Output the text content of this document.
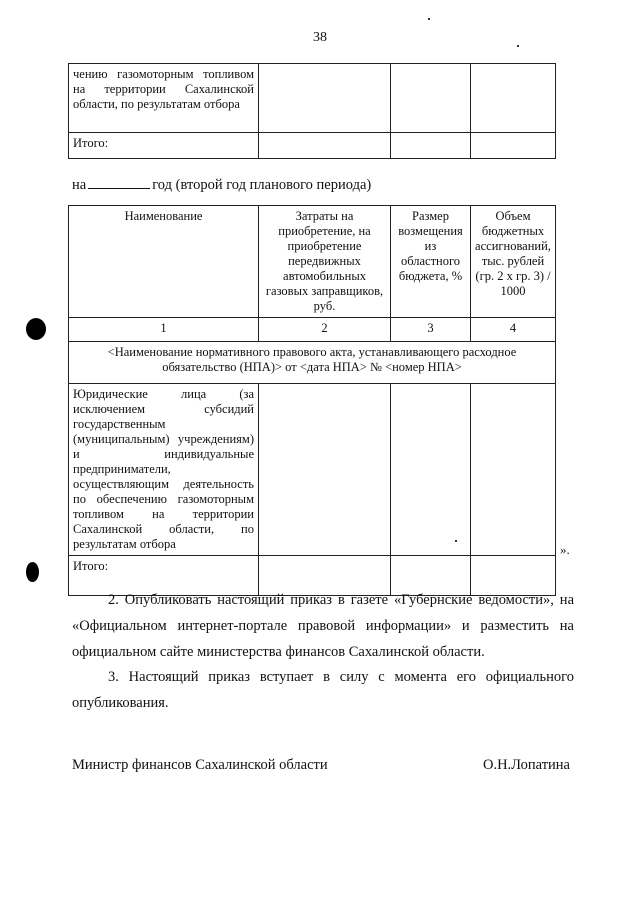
38
чению газомоторным топливом на территории Сахалинской области, по результатам отбора			
Итого:			
на	год (второй год планового периода)
Наименование	Затраты на приобретение, на приобретение передвижных автомобильных газовых заправщиков, руб.	Размер возмещения из областного бюджета, %	Объем бюджетных ассигнований, тыс. рублей (гр. 2 х гр. 3) / 1000
1	2	3	4
<Наименование нормативного правового акта, устанавливающего расходное обязательство (НПА)> от <дата НПА> № <номер НПА>			
Юридические лица (за исключением субсидий государственным (муниципальным) учреждениям) и индивидуальные предприниматели, осуществляющим деятельность по обеспечению газомоторным топливом на территории Сахалинской области, по результатам отбора			
Итого:			
».
2. Опубликовать настоящий приказ в газете «Губернские ведомости», на «Официальном интернет-портале правовой информации» и разместить на официальном сайте министерства финансов Сахалинской области.
3. Настоящий приказ вступает в силу с момента его официального опубликования.
Министр финансов Сахалинской области	О.Н.Лопатина
